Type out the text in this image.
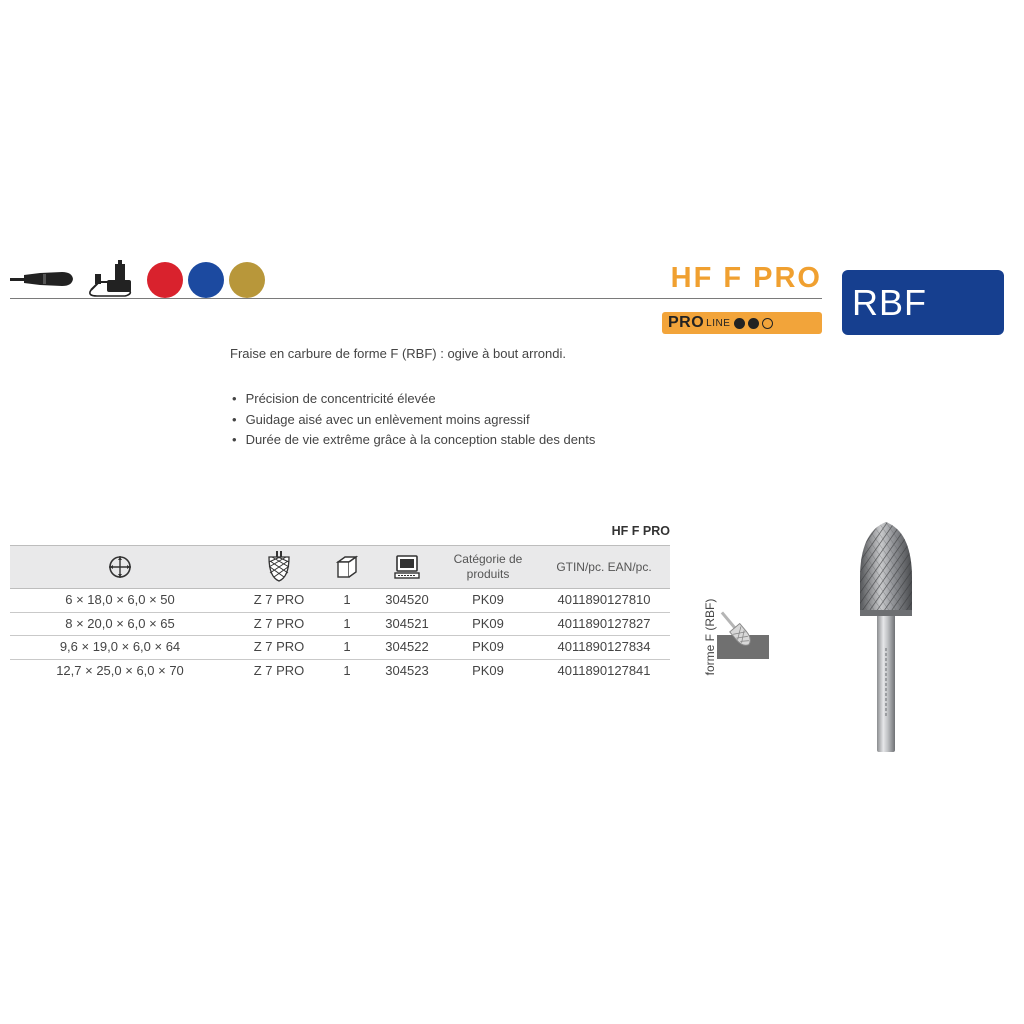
HF F PRO
PRO LINE
RBF
Fraise en carbure de forme F (RBF) : ogive à bout arrondi.
• Précision de concentricité élevée
• Guidage aisé avec un enlèvement moins agressif
• Durée de vie extrême grâce à la conception stable des dents
HF F PRO
Catégorie de produits
GTIN/pc. EAN/pc.
6 × 18,0 × 6,0 × 50	Z 7 PRO	1	304520	PK09	4011890127810
8 × 20,0 × 6,0 × 65	Z 7 PRO	1	304521	PK09	4011890127827
9,6 × 19,0 × 6,0 × 64	Z 7 PRO	1	304522	PK09	4011890127834
12,7 × 25,0 × 6,0 × 70	Z 7 PRO	1	304523	PK09	4011890127841	forme F (RBF)
